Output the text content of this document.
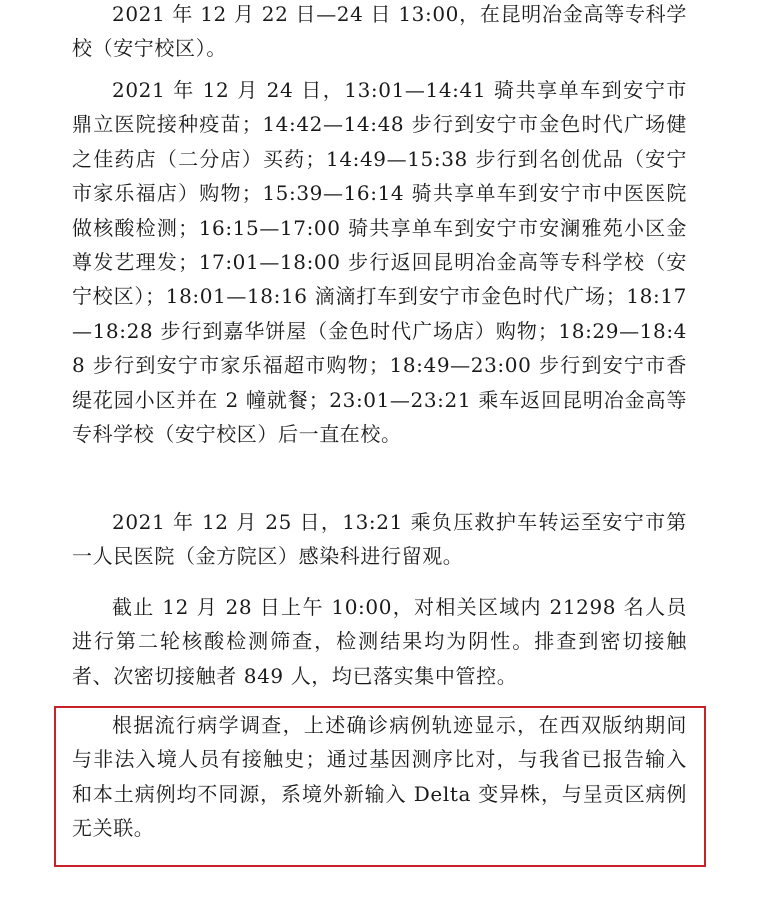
2021 年 12 月 22 日—24 日 13:00，在昆明冶金高等专科学校（安宁校区）。

2021 年 12 月 24 日，13:01—14:41 骑共享单车到安宁市鼎立医院接种疫苗；14:42—14:48 步行到安宁市金色时代广场健之佳药店（二分店）买药；14:49—15:38 步行到名创优品（安宁市家乐福店）购物；15:39—16:14 骑共享单车到安宁市中医医院做核酸检测；16:15—17:00 骑共享单车到安宁市安澜雅苑小区金尊发艺理发；17:01—18:00 步行返回昆明冶金高等专科学校（安宁校区）；18:01—18:16 滴滴打车到安宁市金色时代广场；18:17—18:28 步行到嘉华饼屋（金色时代广场店）购物；18:29—18:48 步行到安宁市家乐福超市购物；18:49—23:00 步行到安宁市香缇花园小区并在 2 幢就餐；23:01—23:21 乘车返回昆明冶金高等专科学校（安宁校区）后一直在校。

2021 年 12 月 25 日，13:21 乘负压救护车转运至安宁市第一人民医院（金方院区）感染科进行留观。

截止 12 月 28 日上午 10:00，对相关区域内 21298 名人员进行第二轮核酸检测筛查，检测结果均为阴性。排查到密切接触者、次密切接触者 849 人，均已落实集中管控。

根据流行病学调查，上述确诊病例轨迹显示，在西双版纳期间与非法入境人员有接触史；通过基因测序比对，与我省已报告输入和本土病例均不同源，系境外新输入 Delta 变异株，与呈贡区病例无关联。
